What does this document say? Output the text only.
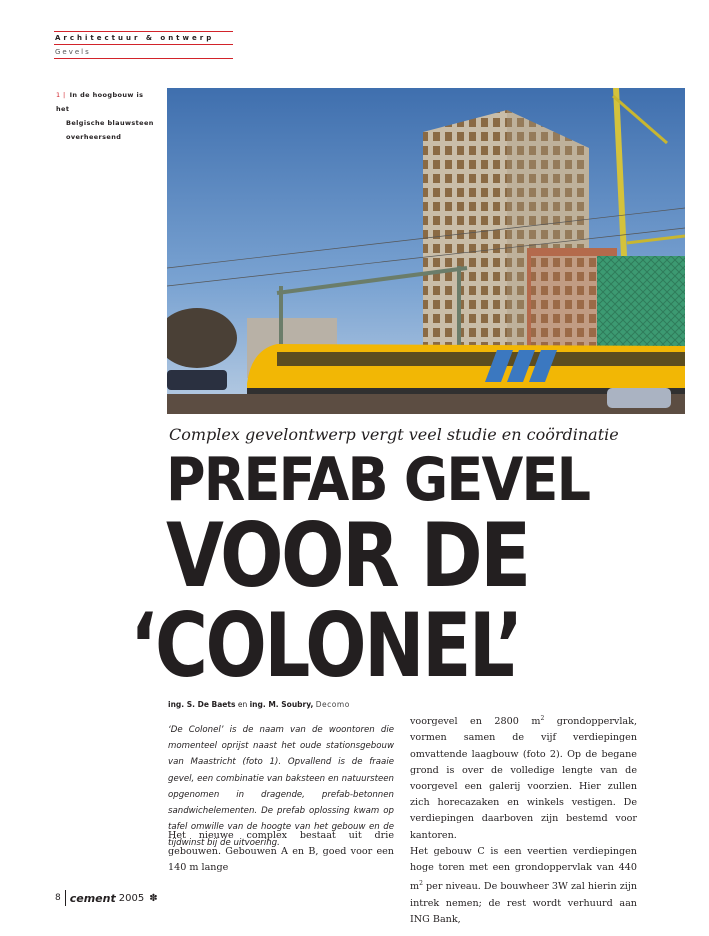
Architectuur & ontwerp
Gevels
1 | In de hoogbouw is het
Belgische blauwsteen
overheersend
Complex gevelontwerp vergt veel studie en coördinatie
PREFAB GEVEL
VOOR DE
‘COLONEL’
ing. S. De Baets en ing. M. Soubry, Decomo
‘De Colonel’ is de naam van de woontoren die momenteel oprijst naast het oude stationsgebouw van Maastricht (foto 1). Opvallend is de fraaie gevel, een combinatie van baksteen en natuursteen opgenomen in dragende, prefab-betonnen sandwichelementen. De prefab oplossing kwam op tafel omwille van de hoogte van het gebouw en de tijdwinst bij de uitvoering.
Het nieuwe complex bestaat uit drie gebouwen. Gebouwen A en B, goed voor een 140 m lange
voorgevel en 2800 $m^2$ grondoppervlak, vormen samen de vijf verdiepingen omvattende laagbouw (foto 2). Op de begane grond is over de volledige lengte van de voorgevel een galerij voorzien. Hier zullen zich horecazaken en winkels vestigen. De verdiepingen daarboven zijn bestemd voor kantoren.
Het gebouw C is een veertien verdiepingen hoge toren met een grondoppervlak van 440 $m^2$ per niveau. De bouwheer 3W zal hierin zijn intrek nemen; de rest wordt verhuurd aan ING Bank,
8 cement 2005 ✽
